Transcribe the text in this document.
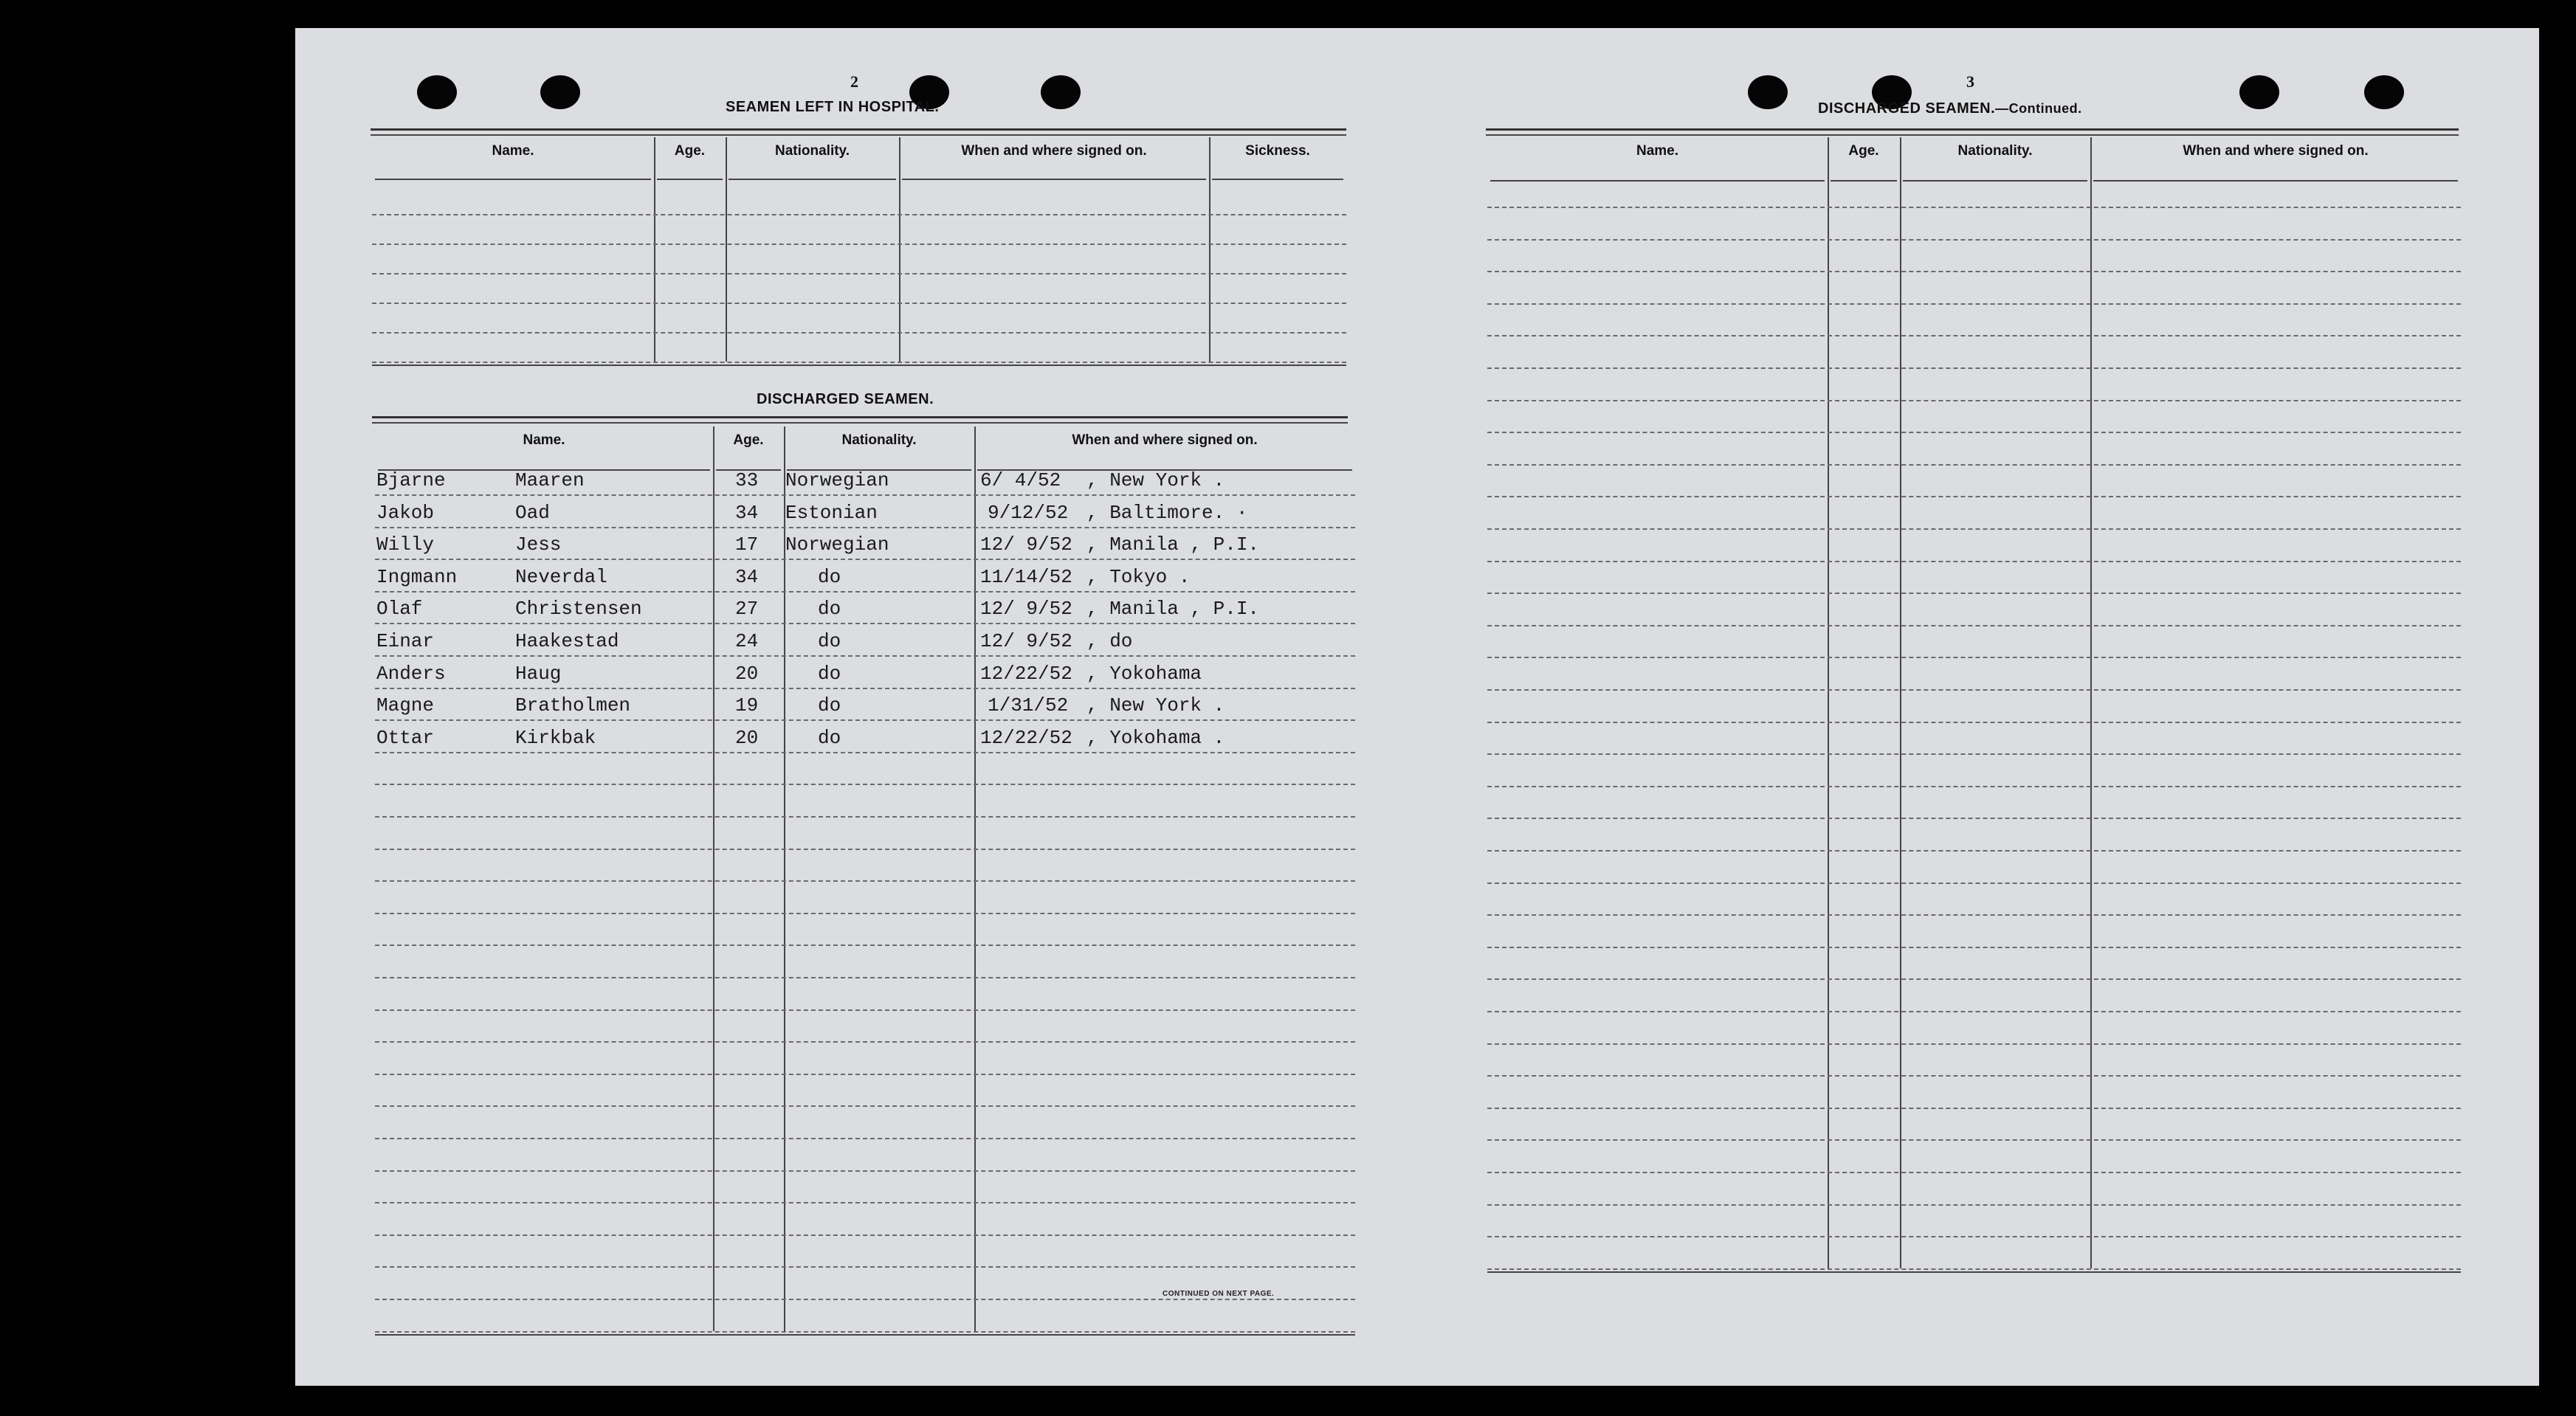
2
SEAMEN LEFT IN HOSPITAL.
DISCHARGED SEAMEN.
CONTINUED ON NEXT PAGE.
Name.	Age.	Nationality.	When and where signed on.	Sickness.
Name.	Age.	Nationality.	When and where signed on.
Bjarne	Maaren	33 Norwegian	6/ 4/52 , New York .
Jakob	Oad	34 Estonian	9/12/52 , Baltimore. ·
Willy	Jess	17 Norwegian	12/ 9/52 , Manila , P.I.
Ingmann	Neverdal	34	do	11/14/52 , Tokyo .
Olaf	Christensen	27	do	12/ 9/52 , Manila , P.I.
Einar	Haakestad	24	do	12/ 9/52 , do
Anders	Haug	20	do	12/22/52 , Yokohama
Magne	Bratholmen	19	do	1/31/52 , New York .
Ottar	Kirkbak	20	do	12/22/52 , Yokohama .
3
DISCHARGED SEAMEN.—Continued.
Name.	Age.	Nationality.	When and where signed on.
